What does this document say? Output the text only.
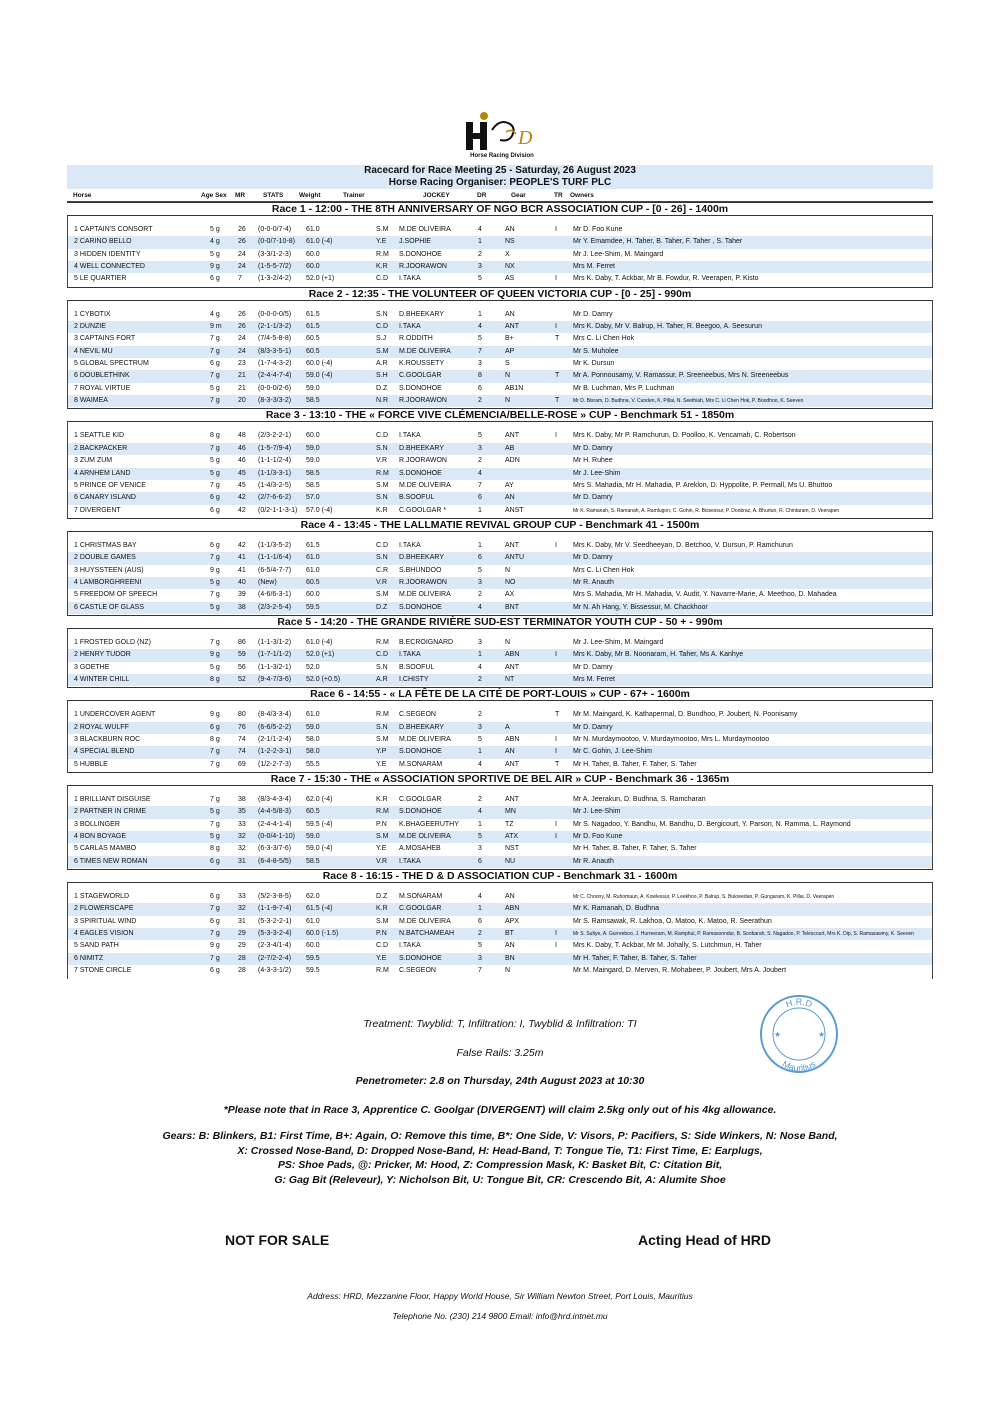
D
Horse Racing Division
Racecard for Race Meeting 25 - Saturday, 26 August 2023
Horse Racing Organiser: PEOPLE'S TURF PLC
Horse	Age Sex MR	STATS Weight	Trainer	JOCKEY	DR	Gear	TR Owners
Race 1 - 12:00 - THE 8TH ANNIVERSARY OF NGO BCR ASSOCIATION CUP - [0 - 26] - 1400m
1 CAPTAIN'S CONSORT	5 g	26 (0-0-0/7-4) 61.0	S.M M.DE OLIVEIRA	4	AN	I Mr D. Foo Kune
2 CARINO BELLO	4 g	26 (0-0/7-10-8) 61.0 (-4)	Y.E J.SOPHIE	1	NS	Mr Y. Emamdee, H. Taher, B. Taher, F. Taher , S. Taher
3 HIDDEN IDENTITY	5 g	24 (3-3/1-2-3) 60.0	R.M S.DONOHOE	2	X	Mr J. Lee-Shim, M. Maingard
4 WELL CONNECTED	9 g	24 (1-5-5-7/2) 60.0	K.R R.JOORAWON	3	NX	Mrs M. Ferret
5 LE QUARTIER	6 g	7 (1-3-2/4-2) 52.0 (+1)	C.D I.TAKA	5	AS	I Mrs K. Daby, T. Ackbar, Mr B. Fowdur, R. Veerapen, P. Kisto
Race 2 - 12:35 - THE VOLUNTEER OF QUEEN VICTORIA CUP - [0 - 25] - 990m
1 CYBOTIX	4 g	26 (0-0-0-0/5) 61.5	S.N D.BHEEKARY	1	AN	Mr D. Damry
2 DUNZIE	9 m 26 (2-1-1/3-2) 61.5	C.D I.TAKA	4	ANT	I Mrs K. Daby, Mr V. Balrup, H. Taher, R. Beegoo, A. Seesurun
3 CAPTAINS FORT	7 g	24 (7/4-5-8-8) 60.5	S.J R.ODDITH	5	B+	T Mrs C. Li Chen Hok
4 NEVIL MU	7 g	24 (8/3-3-5-1) 60.5	S.M M.DE OLIVEIRA	7	AP	Mr S. Muholee
5 GLOBAL SPECTRUM	6 g	23 (1-7-4-3-2) 60.0 (-4)	A.R K.ROUSSETY	3	S	Mr K. Dursun
6 DOUBLETHINK	7 g	21 (2-4-4-7-4) 59.0 (-4)	S.H C.GOOLGAR	8	N	T Mr A. Ponnousamy, V. Ramassur, P. Sreeneebus, Mrs N. Sreeneebus
7 ROYAL VIRTUE	5 g	21 (0-0-0/2-6) 59.0	D.Z S.DONOHOE	6	AB1N	Mr B. Luchman, Mrs P. Luchman
8 WAIMEA	7 g	20 (8-3-3/3-2) 58.5	N.R R.JOORAWON	2	N	T	Mr D. Bisram, D. Budhna, V. Cunden, K. Pillai, N. Seethiah, Mrs C. Li Chen Hok, P. Boodhoo, K. Seeven
Race 3 - 13:10 - THE « FORCE VIVE CLÉMENCIA/BELLE-ROSE » CUP - Benchmark 51 - 1850m
1 SEATTLE KID	8 g	48 (2/3-2-2-1) 60.0	C.D I.TAKA	5	ANT	I Mrs K. Daby, Mr P. Ramchurun, D. Poolloo, K. Vencamah, C. Robertson
2 BACKPACKER	7 g	46 (1-5-7/9-4) 59.0	S.N D.BHEEKARY	3	AB	Mr D. Damry
3 ZUM ZUM	5 g	46 (1-1-1/2-4) 59.0	V.R R.JOORAWON	2	ADN	Mr H. Ruhee
4 ARNHEM LAND	5 g	45 (1-1/3-3-1) 58.5	R.M S.DONOHOE	4	Mr J. Lee-Shim
5 PRINCE OF VENICE	7 g	45 (1-4/3-2-5) 58.5	S.M M.DE OLIVEIRA	7	AY	Mrs S. Mahadia, Mr H. Mahadia, P. Areklon, D. Hyppolite, P. Permall, Ms U. Bhuttoo
6 CANARY ISLAND	6 g	42 (2/7-6-6-2) 57.0	S.N B.SOOFUL	6	AN	Mr D. Damry
7 DIVERGENT	6 g	42 (0/2-1-1-3-1) 57.0 (-4)	K.R C.GOOLGAR *	1	ANST	Mr K. Ramanah, S. Ramanah, A. Ramlugon, C. Gohin, R. Bissessur, P. Doobraz, A. Bhurtun, R. Chintaram, D. Veerapen
Race 4 - 13:45 - THE LALLMATIE REVIVAL GROUP CUP - Benchmark 41 - 1500m
1 CHRISTMAS BAY	6 g	42 (1-1/3-5-2) 61.5	C.D I.TAKA	1	ANT	I Mrs K. Daby, Mr V. Seedheeyan, D. Betchoo, V. Dursun, P. Ramchurun
2 DOUBLE GAMES	7 g	41 (1-1-1/6-4) 61.0	S.N D.BHEEKARY	6	ANTU	Mr D. Damry
3 HUYSSTEEN (AUS)	9 g	41 (6-5/4-7-7) 61.0	C.R S.BHUNDOO	5	N	Mrs C. Li Chen Hok
4 LAMBORGHREENI	5 g	40 (New)	60.5	V.R R.JOORAWON	3	NO	Mr R. Anauth
5 FREEDOM OF SPEECH	7 g	39 (4-6/6-3-1) 60.0	S.M M.DE OLIVEIRA	2	AX	Mrs S. Mahadia, Mr H. Mahadia, V. Audit, Y. Navarre-Marie, A. Meethoo, D. Mahadea
6 CASTLE OF GLASS	5 g	38 (2/3-2-5-4) 59.5	D.Z S.DONOHOE	4	BNT	Mr N. Ah Hang, Y. Bissessur, M. Chackhoor
Race 5 - 14:20 - THE GRANDE RIVIÈRE SUD-EST TERMINATOR YOUTH CUP - 50 + - 990m
1 FROSTED GOLD (NZ)	7 g	86 (1-1-3/1-2) 61.0 (-4)	R.M B.ECROIGNARD	3	N	Mr J. Lee-Shim, M. Maingard
2 HENRY TUDOR	9 g	59 (1-7-1/1-2) 52.0 (+1)	C.D I.TAKA	1	ABN	I Mrs K. Daby, Mr B. Noonaram, H. Taher, Ms A. Kanhye
3 GOETHE	5 g	56 (1-1-3/2-1) 52.0	S.N B.SOOFUL	4	ANT	Mr D. Damry
4 WINTER CHILL	8 g	52 (9-4-7/3-6) 52.0 (+0.5)	A.R I.CHISTY	2	NT	Mrs M. Ferret
Race 6 - 14:55 - « LA FÊTE DE LA CITÉ DE PORT-LOUIS » CUP - 67+ - 1600m
1 UNDERCOVER AGENT	9 g	80 (8-4/3-3-4) 61.0	R.M C.SEGEON	2	T Mr M. Maingard, K. Kathapermal, D. Bundhoo, P. Joubert, N. Poonisamy
2 ROYAL WULFF	6 g	76 (6-6/5-2-2) 59.0	S.N D.BHEEKARY	3	A	Mr D. Damry
3 BLACKBURN ROC	8 g	74 (2-1/1-2-4) 58.0	S.M M.DE OLIVEIRA	5	ABN	I Mr N. Murdaymootoo, V. Murdaymootoo, Mrs L. Murdaymootoo
4 SPECIAL BLEND	7 g	74 (1-2-2-3-1) 58.0	Y.P S.DONOHOE	1	AN	I Mr C. Gohin, J. Lee-Shim
5 HUBBLE	7 g	69 (1/2-2-7-3) 55.5	Y.E M.SONARAM	4	ANT	T Mr H. Taher, B. Taher, F. Taher, S. Taher
Race 7 - 15:30 - THE « ASSOCIATION SPORTIVE DE BEL AIR » CUP - Benchmark 36 - 1365m
1 BRILLIANT DISGUISE	7 g	38 (8/3-4-3-4) 62.0 (-4)	K.R C.GOOLGAR	2	ANT	Mr A. Jeerakun, D. Budhna, S. Ramcharan
2 PARTNER IN CRIME	5 g	35 (4-4-5/8-3) 60.5	R.M S.DONOHOE	4	MN	Mr J. Lee-Shim
3 BOLLINGER	7 g	33 (2-4-4-1-4) 59.5 (-4)	P.N K.BHAGEERUTHY	1	TZ	I Mr S. Nagadoo, Y. Bandhu, M. Bandhu, D. Bergicourt, Y. Parson, N. Ramma, L. Raymond
4 BON BOYAGE	5 g	32 (0-0/4-1-10) 59.0	S.M M.DE OLIVEIRA	5	ATX	I Mr D. Foo Kune
5 CARLAS MAMBO	8 g	32 (6-3-3/7-6) 59.0 (-4)	Y.E A.MOSAHEB	3	NST	Mr H. Taher, B. Taher, F. Taher, S. Taher
6 TIMES NEW ROMAN	6 g	31 (6-4-8-5/5) 58.5	V.R I.TAKA	6	NU	Mr R. Anauth
Race 8 - 16:15 - THE D & D ASSOCIATION CUP - Benchmark 31 - 1600m
1 STAGEWORLD	6 g	33 (5/2-3-8-5) 62.0	D.Z M.SONARAM	4	AN	Mr C. Choony, M. Ruhomaun, A. Kowlessur, P. Leekhoo, P. Balrup, S. Bukreedan, P. Gungaram, K. Pillai, D. Veerapen
2 FLOWERSCAPE	7 g	32 (1-1-9-7-4) 61.5 (-4)	K.R C.GOOLGAR	1	ABN	Mr K. Ramanah, D. Budhna
3 SPIRITUAL WIND	6 g	31 (5-3-2-2-1) 61.0	S.M M.DE OLIVEIRA	6	APX	Mr S. Ramsawak, R. Lakhoa, O. Matoo, K. Matoo, R. Seerathun
4 EAGLES VISION	7 g	29 (5-3-3-2-4) 60.0 (-1.5)	P.N N.BATCHAMEAH	2	BT	I	Mr S. Sultye, A. Gurreeboo, J. Hurreeram, M. Ramphul, P. Ramasoondur, B. Soobarah, S. Nagadoo, P. Telescourt, Mrs K. Dip, S. Ramasawmy, K. Seeven
5 SAND PATH	9 g	29 (2-3-4/1-4) 60.0	C.D I.TAKA	5	AN	I Mrs K. Daby, T. Ackbar, Mr M. Johally, S. Lutchmun, H. Taher
6 NIMITZ	7 g	28 (2-7/2-2-4) 59.5	Y.E S.DONOHOE	3	BN	Mr H. Taher, F. Taher, B. Taher, S. Taher
7 STONE CIRCLE	6 g	28 (4-3-3-1/2) 59.5	R.M C.SEGEON	7	N	Mr M. Maingard, D. Merven, R. Mohabeer, P. Joubert, Mrs A. Joubert
Treatment: Twyblid: T, Infiltration: I, Twyblid & Infiltration: TI
False Rails: 3.25m
Penetrometer: 2.8 on Thursday, 24th August 2023 at 10:30
*Please note that in Race 3, Apprentice C. Goolgar (DIVERGENT) will claim 2.5kg only out of his 4kg allowance.
Gears: B: Blinkers, B1: First Time, B+: Again, O: Remove this time, B*: One Side, V: Visors, P: Pacifiers, S: Side Winkers, N: Nose Band,
X: Crossed Nose-Band, D: Dropped Nose-Band, H: Head-Band, T: Tongue Tie, T1: First Time, E: Earplugs,
PS: Shoe Pads, @: Pricker, M: Hood, Z: Compression Mask, K: Basket Bit, C: Citation Bit,
G: Gag Bit (Releveur), Y: Nicholson Bit, U: Tongue Bit, CR: Crescendo Bit, A: Alumite Shoe
H.R.D
Mauritius
★	★
NOT FOR SALE	Acting Head of HRD
Address: HRD, Mezzanine Floor, Happy World House, Sir William Newton Street, Port Louis, Mauritius
Telephone No. (230) 214 9800 Email: info@hrd.intnet.mu
